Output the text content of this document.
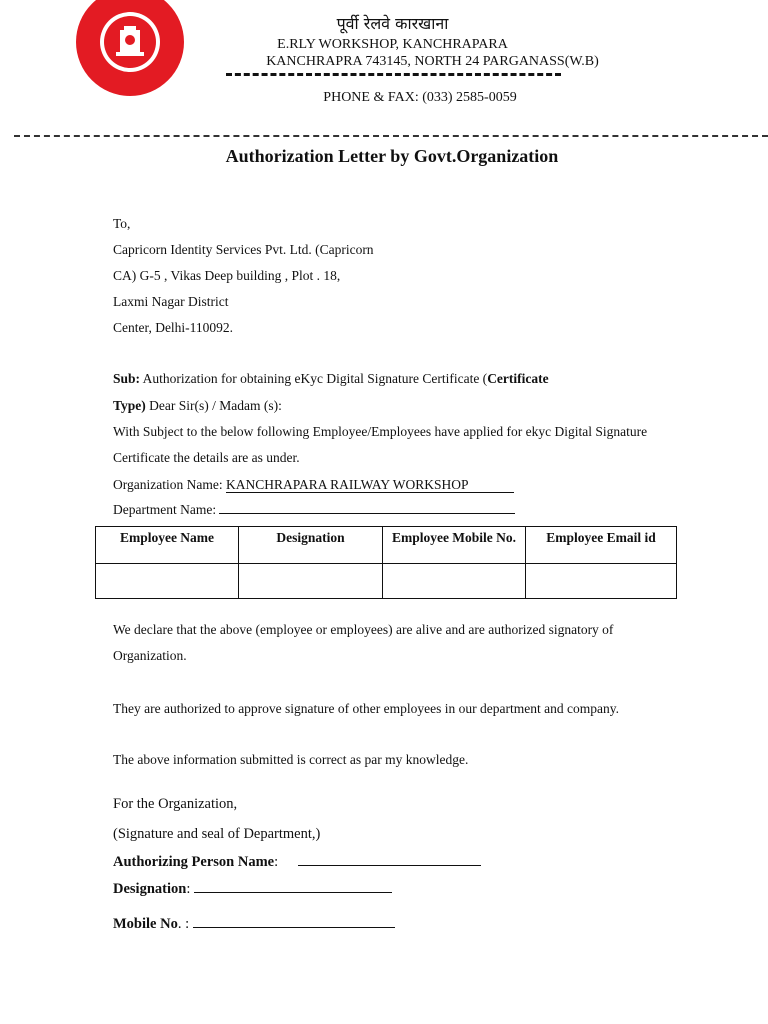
पूर्वी रेलवे कारखाना
E.RLY WORKSHOP, KANCHRAPARA
KANCHRAPRA 743145, NORTH 24 PARGANASS(W.B)
PHONE & FAX: (033) 2585-0059
Authorization Letter by Govt.Organization
To,
Capricorn Identity Services Pvt. Ltd. (Capricorn
CA) G-5 , Vikas Deep building , Plot . 18,
Laxmi Nagar District
Center, Delhi-110092.
Sub: Authorization for obtaining eKyc Digital Signature Certificate (Certificate
Type) Dear Sir(s) / Madam (s):
With Subject to the below following Employee/Employees have applied for ekyc Digital Signature
Certificate the details are as under.
Organization Name: KANCHRAPARA RAILWAY WORKSHOP
Department Name:
Employee Name	Designation	Employee Mobile No.	Employee Email id

We declare that the above (employee or employees) are alive and are authorized signatory of
Organization.
They are authorized to approve signature of other employees in our department and company.
The above information submitted is correct as par my knowledge.
For the Organization,
(Signature and seal of Department,)
Authorizing Person Name:
Designation:
Mobile No. :
